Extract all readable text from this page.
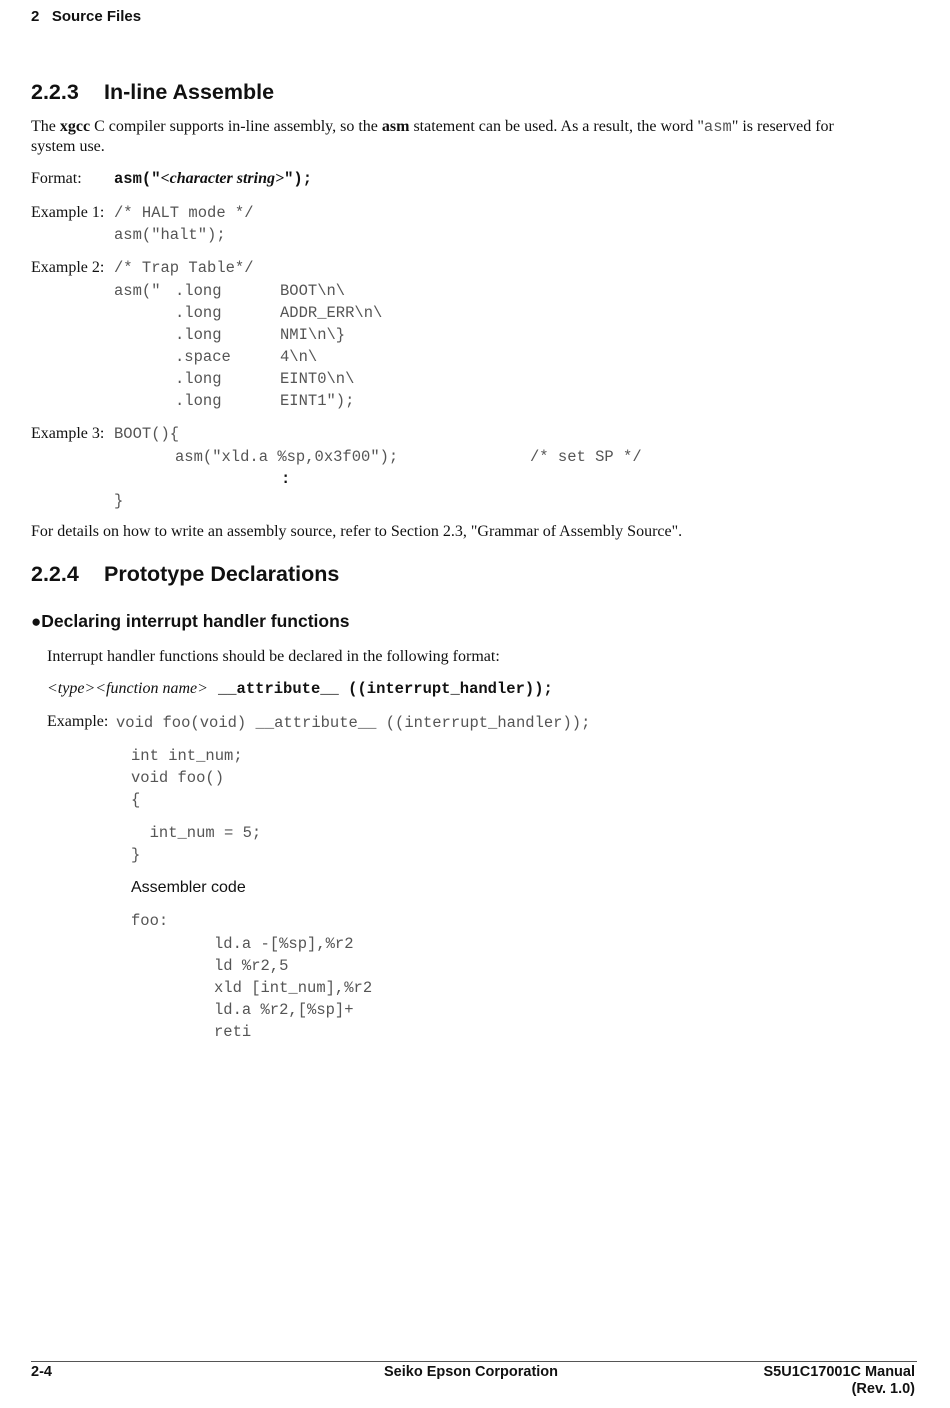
2   Source Files
2.2.3 In-line Assemble
The xgcc C compiler supports in-line assembly, so the asm statement can be used. As a result, the word "asm" is reserved for
system use.
Format: asm("<character string>");
Example 1: /* HALT mode */
asm("halt");
Example 2: /* Trap Table*/
asm(" .long	BOOT\n\
.long	ADDR_ERR\n\
.long	NMI\n\}
.space	4\n\
.long	EINT0\n\
.long	EINT1");
Example 3: BOOT(){
asm("xld.a %sp,0x3f00");	/* set SP */
:
}
For details on how to write an assembly source, refer to Section 2.3, "Grammar of Assembly Source".
2.2.4 Prototype Declarations
●Declaring interrupt handler functions
Interrupt handler functions should be declared in the following format:
<type><function name> __attribute__ ((interrupt_handler));
Example: void foo(void) __attribute__ ((interrupt_handler));
int int_num;
void foo()
{
int_num = 5;
}
Assembler code
foo:
ld.a -[%sp],%r2
ld %r2,5
xld [int_num],%r2
ld.a %r2,[%sp]+
reti
2-4	Seiko Epson Corporation	S5U1C17001C Manual
(Rev. 1.0)
